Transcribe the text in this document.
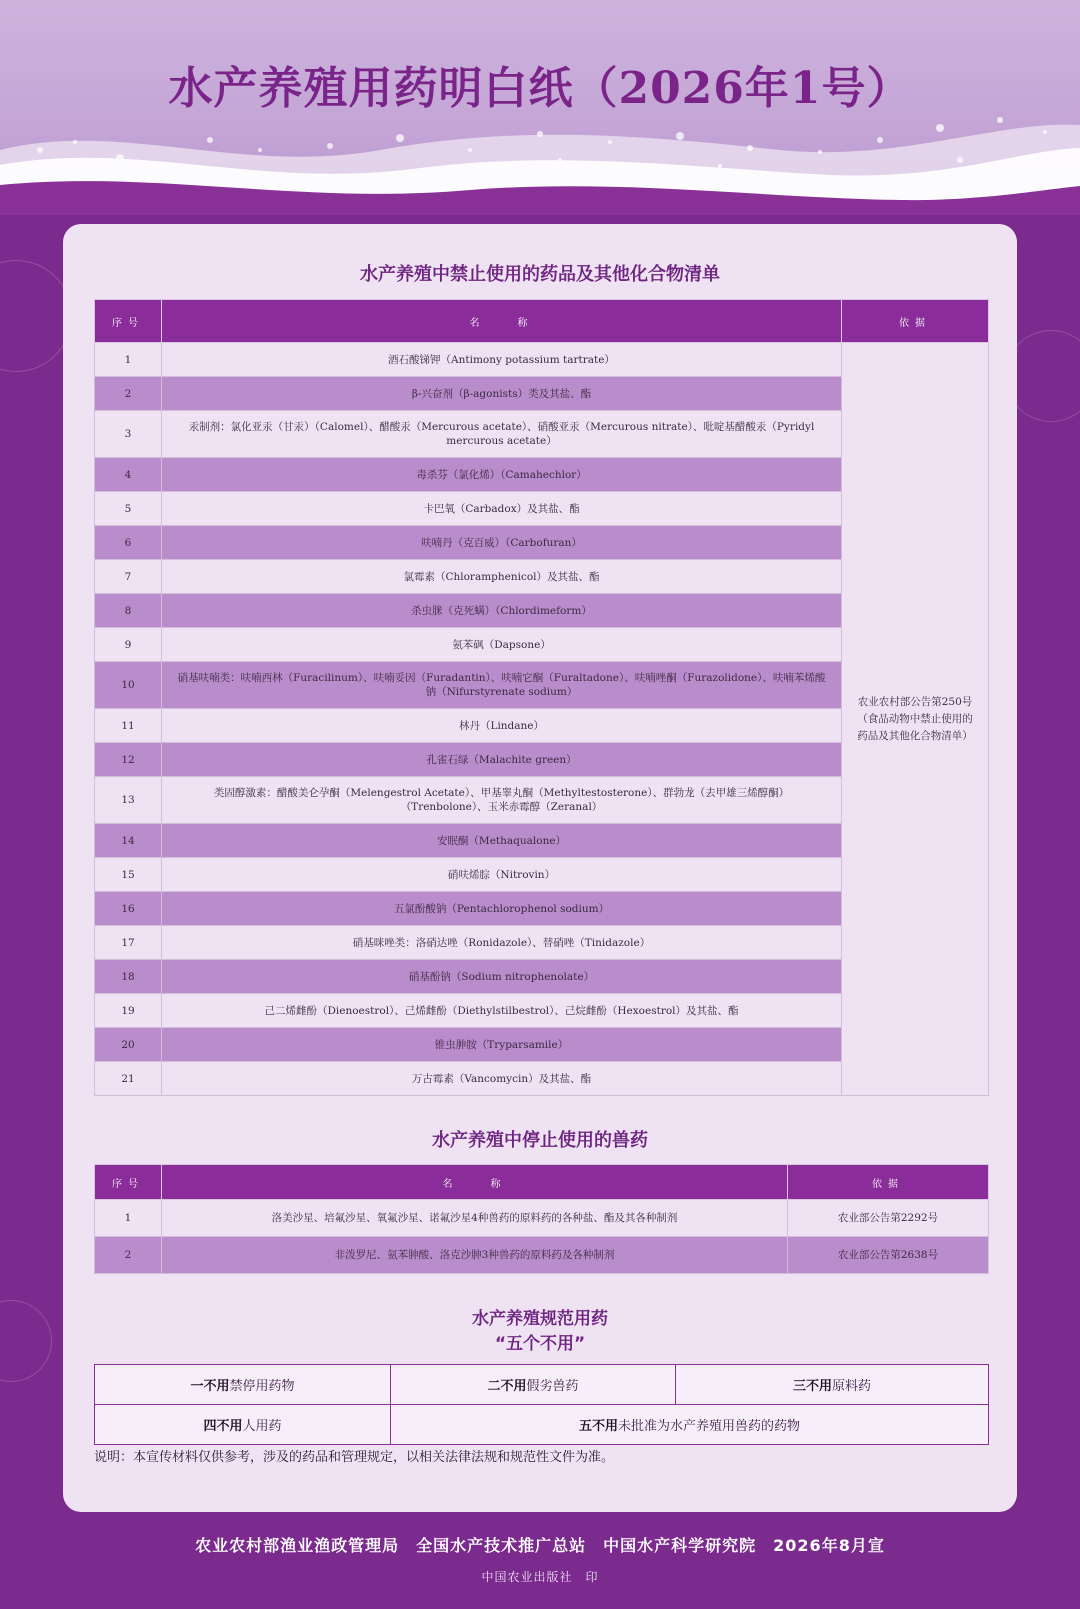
水产养殖用药明白纸（2026年1号）
水产养殖中禁止使用的药品及其他化合物清单
序号	名　　称	依据
1	酒石酸锑钾（Antimony potassium tartrate）	农业农村部公告第250号（食品动物中禁止使用的药品及其他化合物清单）
2	β-兴奋剂（β-agonists）类及其盐、酯	
3	汞制剂：氯化亚汞（甘汞）（Calomel）、醋酸汞（Mercurous acetate）、硝酸亚汞（Mercurous nitrate）、吡啶基醋酸汞（Pyridyl mercurous acetate）	
4	毒杀芬（氯化烯）（Camahechlor）	
5	卡巴氧（Carbadox）及其盐、酯	
6	呋喃丹（克百威）（Carbofuran）	
7	氯霉素（Chloramphenicol）及其盐、酯	
8	杀虫脒（克死螨）（Chlordimeform）	
9	氨苯砜（Dapsone）	
10	硝基呋喃类：呋喃西林（Furacilinum）、呋喃妥因（Furadantin）、呋喃它酮（Furaltadone）、呋喃唑酮（Furazolidone）、呋喃苯烯酸钠（Nifurstyrenate sodium）	
11	林丹（Lindane）	
12	孔雀石绿（Malachite green）	
13	类固醇激素：醋酸美仑孕酮（Melengestrol Acetate）、甲基睾丸酮（Methyltestosterone）、群勃龙（去甲雄三烯醇酮）（Trenbolone）、玉米赤霉醇（Zeranal）	
14	安眠酮（Methaqualone）	
15	硝呋烯腙（Nitrovin）	
16	五氯酚酸钠（Pentachlorophenol sodium）	
17	硝基咪唑类：洛硝达唑（Ronidazole）、替硝唑（Tinidazole）	
18	硝基酚钠（Sodium nitrophenolate）	
19	己二烯雌酚（Dienoestrol）、己烯雌酚（Diethylstilbestrol）、己烷雌酚（Hexoestrol）及其盐、酯	
20	锥虫胂胺（Tryparsamile）	
21	万古霉素（Vancomycin）及其盐、酯	
水产养殖中停止使用的兽药
序号	名　　称	依据
1	洛美沙星、培氟沙星、氧氟沙星、诺氟沙星4种兽药的原料药的各种盐、酯及其各种制剂	农业部公告第2292号
2	非泼罗尼、氨苯胂酸、洛克沙胂3种兽药的原料药及各种制剂	农业部公告第2638号
水产养殖规范用药
“五个不用”
一不用禁停用药物	二不用假劣兽药	三不用原料药
四不用人用药	五不用未批准为水产养殖用兽药的药物	
说明：本宣传材料仅供参考，涉及的药品和管理规定，以相关法律法规和规范性文件为准。
农业农村部渔业渔政管理局　全国水产技术推广总站　中国水产科学研究院　2026年8月宣
中国农业出版社　印
